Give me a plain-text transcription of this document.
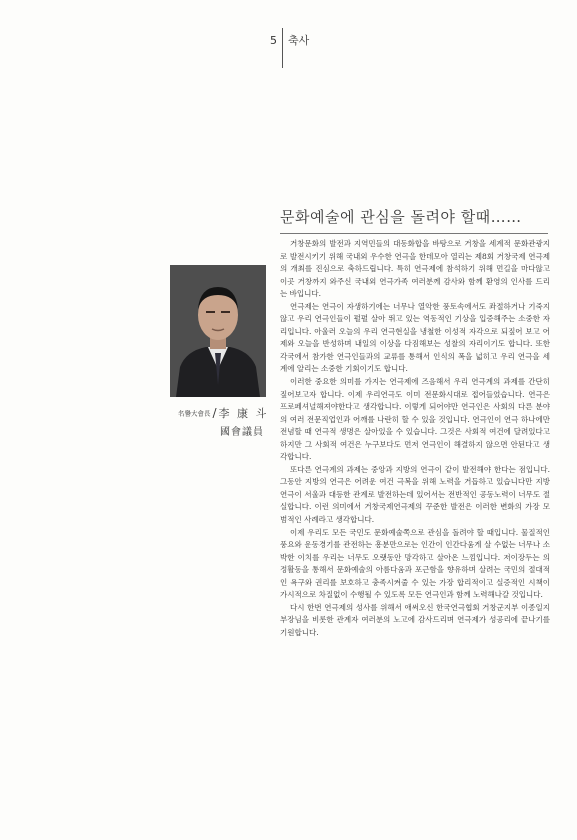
5 축사
문화예술에 관심을 돌려야 할때……
名譽大會長 / 李 康 斗
國會議員

거창문화의 발전과 지역민들의 대동화합을 바탕으로 거창을 세계적 문화관광지로 발전시키기 위해 국내외 우수한 연극을 한데모아 열리는 제8회 거창국제 연극제의 개최를 진심으로 축하드립니다. 특히 연극제에 참석하기 위해 먼길을 마다않고 이곳 거창까지 와주신 국내외 연극가족 여러분께 감사와 함께 환영의 인사를 드리는 바입니다.

연극제는 연극이 자생하기에는 너무나 열악한 풍토속에서도 좌절하거나 기죽지 않고 우리 연극인들이 펄펄 살아 뛰고 있는 역동적인 기상을 입증해주는 소중한 자리입니다. 아울러 오늘의 우리 연극현실을 냉철한 이성적 자각으로 되짚어 보고 어제와 오늘을 반성하며 내일의 이상을 다짐해보는 성찰의 자리이기도 합니다. 또한 각국에서 참가한 연극인들과의 교류를 통해서 인식의 폭을 넓히고 우리 연극을 세계에 알리는 소중한 기회이기도 합니다.

이러한 중요한 의미를 가지는 연극제에 즈음해서 우리 연극계의 과제를 간단히 짚어보고자 합니다. 이제 우리연극도 이미 전문화시대로 접어들었습니다. 연극은 프로페셔널해져야한다고 생각합니다. 이렇게 되어야만 연극인은 사회의 다른 분야의 여러 전문직업인과 어깨를 나란히 할 수 있을 것입니다. 연극인이 연극 하나에만 전념할 때 연극적 생명은 살아있을 수 있습니다. 그것은 사회적 여건에 달려있다고 하지만 그 사회적 여건은 누구보다도 먼저 연극인이 해결하지 않으면 안된다고 생각합니다.

또다른 연극계의 과제는 중앙과 지방의 연극이 같이 발전해야 한다는 점입니다. 그동안 지방의 연극은 어려운 여건 극복을 위해 노력을 거듭하고 있습니다만 지방연극이 서울과 대등한 관계로 발전하는데 있어서는 전반적인 공동노력이 너무도 절실합니다. 이런 의미에서 거창국제연극제의 꾸준한 발전은 이러한 변화의 가장 모범적인 사례라고 생각합니다.

이제 우리도 모든 국민도 문화예술쪽으로 관심을 돌려야 할 때입니다. 물질적인 풍요와 운동경기를 관전하는 흥분만으로는 인간이 인간다움게 살 수없는 너무나 소박한 이치를 우리는 너무도 오랫동안 망각하고 살아온 느낌입니다. 저이장두는 의정활동을 통해서 문화예술의 아름다움과 포근함을 향유하며 살려는 국민의 절대적인 욕구와 권리를 보호하고 충족시켜줄 수 있는 가장 합리적이고 실증적인 시책이 가시적으로 차질없이 수행될 수 있도록 모든 연극인과 함께 노력해나갈 것입니다.

다시 한번 연극제의 성사를 위해서 애써오신 한국연극협회 거창군지부 이종일지부장님을 비롯한 관계자 여러분의 노고에 감사드리며 연극제가 성공리에 끝나기를 기원합니다.
